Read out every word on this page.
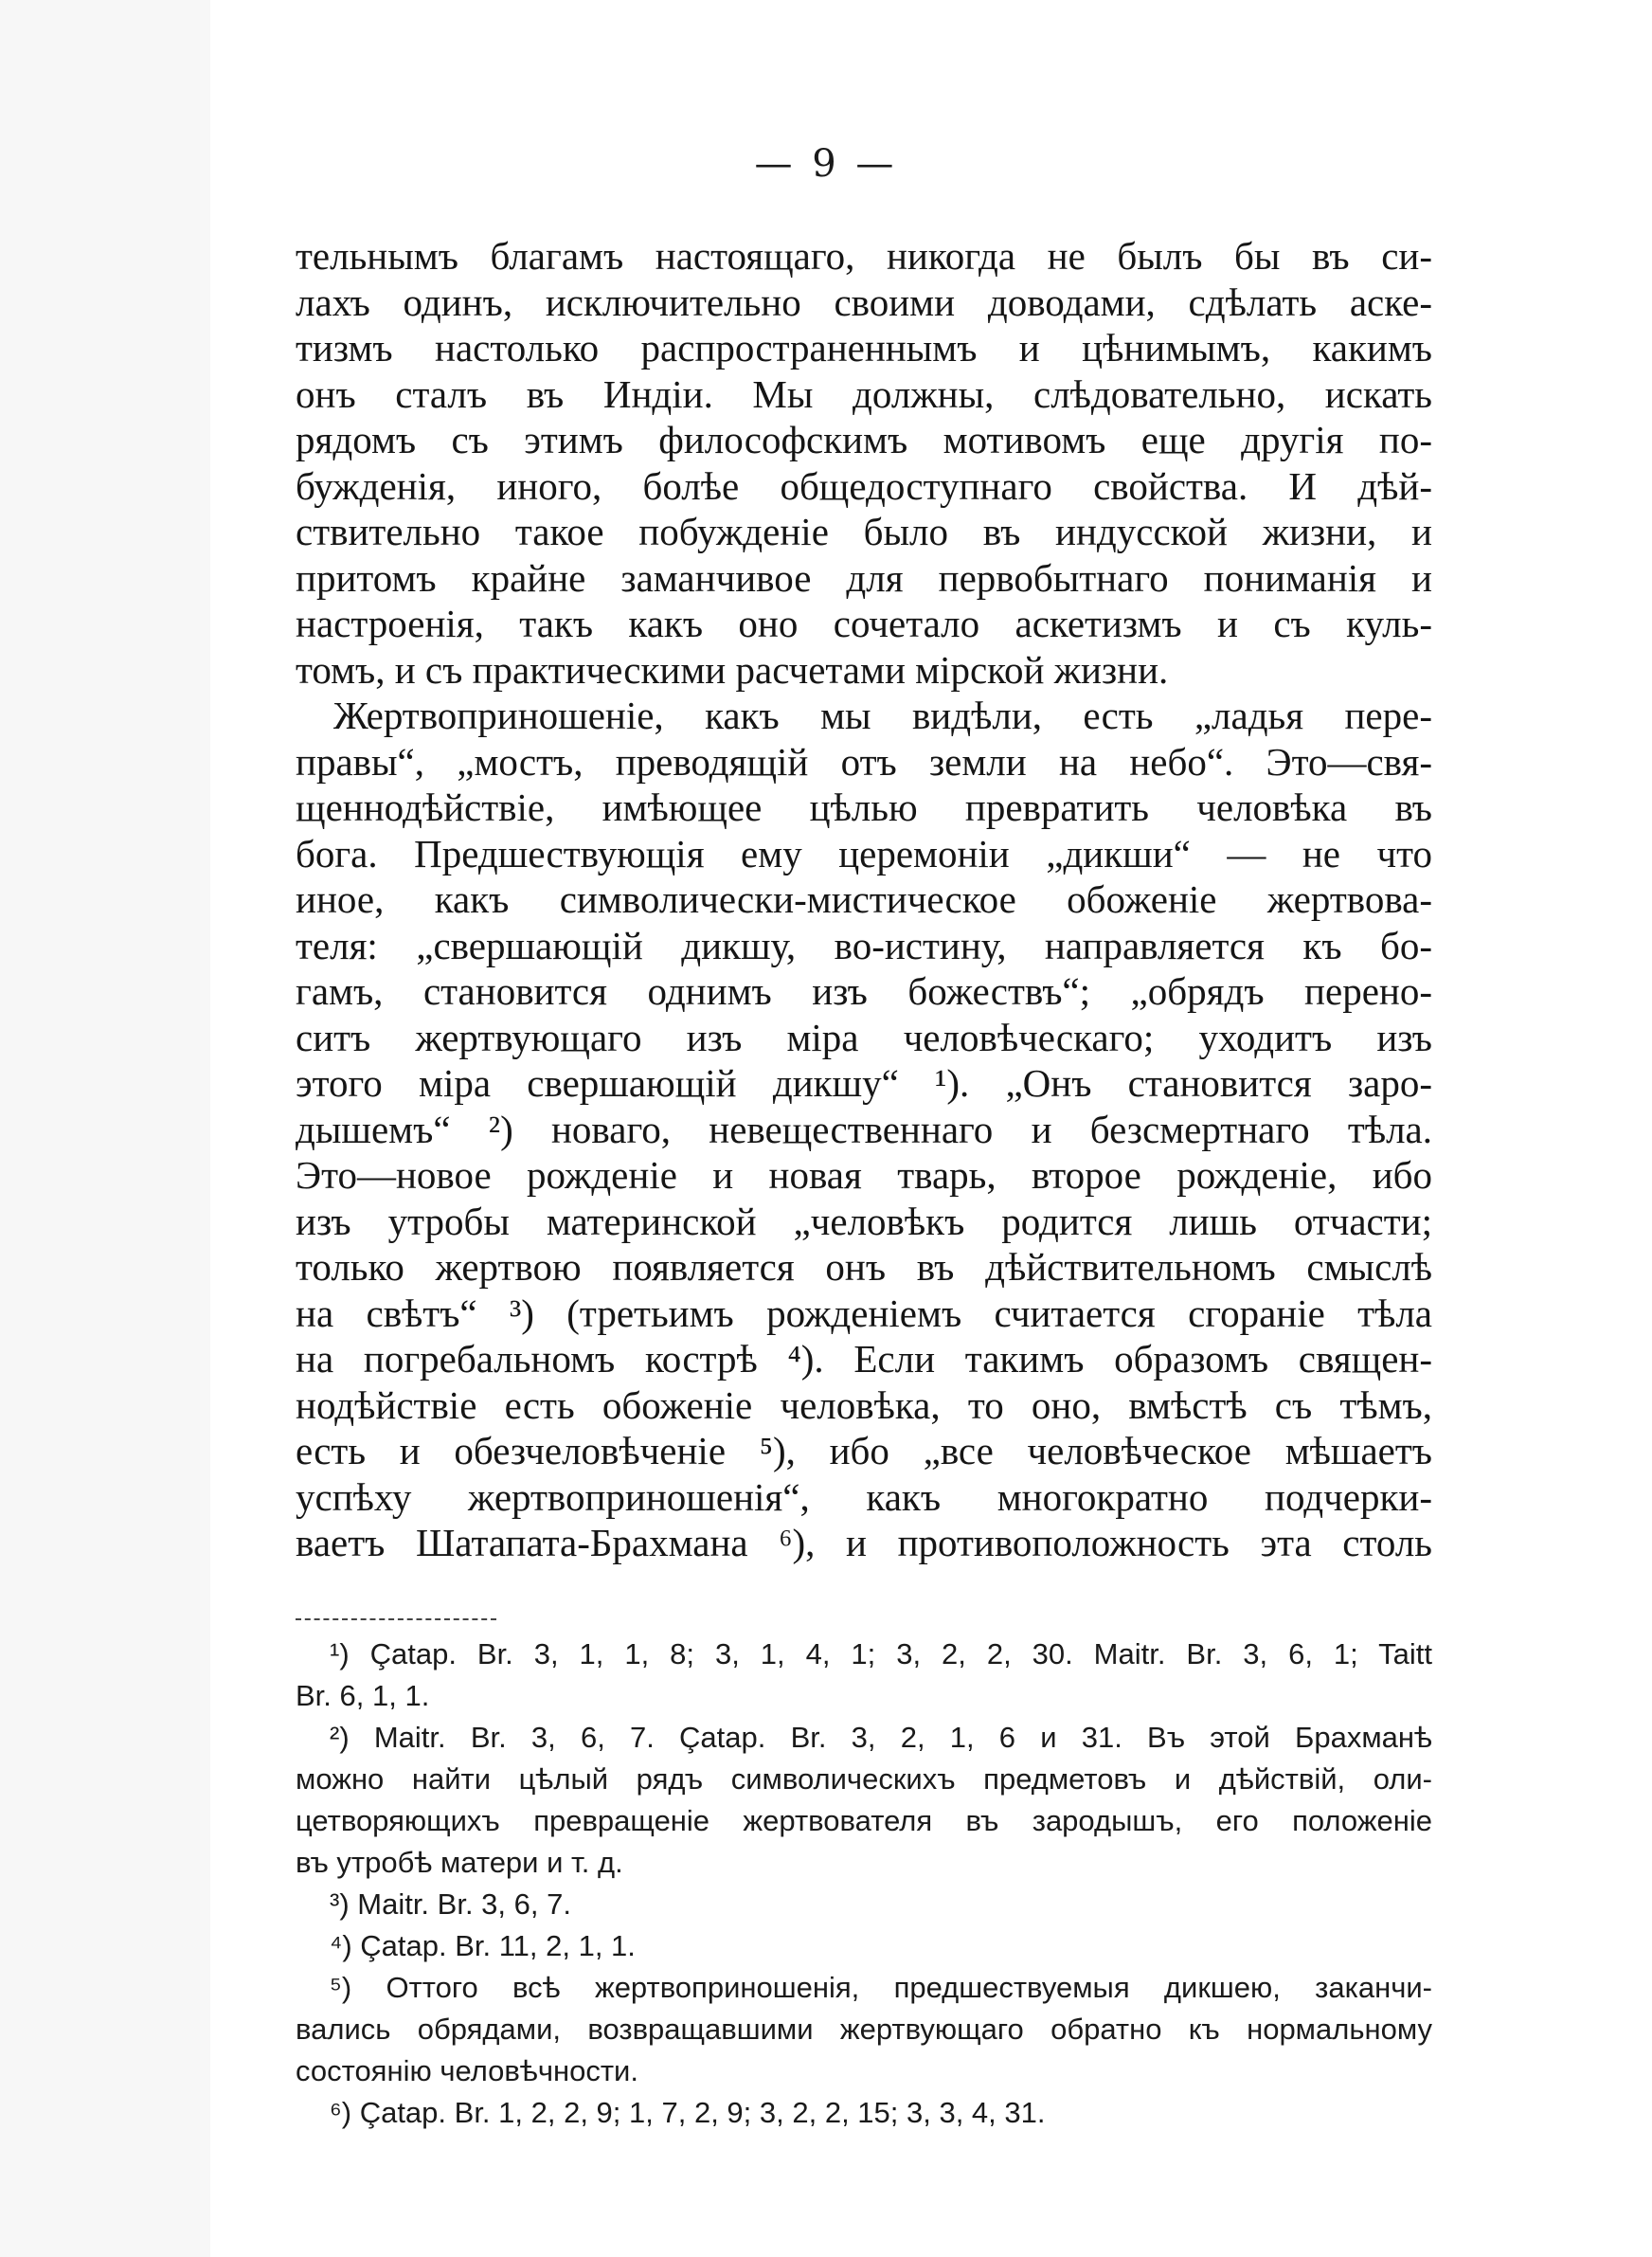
— 9 —
тельнымъ благамъ настоящаго, никогда не былъ бы въ си-
лахъ одинъ, исключительно своими доводами, сдѣлать аске-
тизмъ настолько распространеннымъ и цѣнимымъ, какимъ
онъ сталъ въ Индіи. Мы должны, слѣдовательно, искать
рядомъ съ этимъ философскимъ мотивомъ еще другія по-
бужденія, иного, болѣе общедоступнаго свойства. И дѣй-
ствительно такое побужденіе было въ индусской жизни, и
притомъ крайне заманчивое для первобытнаго пониманія и
настроенія, такъ какъ оно сочетало аскетизмъ и съ куль-
томъ, и съ практическими расчетами мірской жизни.
Жертвоприношеніе, какъ мы видѣли, есть „ладья пере-
правы“, „мостъ, преводящій отъ земли на небо“. Это—свя-
щеннодѣйствіе, имѣющее цѣлью превратить человѣка въ
бога. Предшествующія ему церемоніи „дикши“ — не что
иное, какъ символически-мистическое обоженіе жертвова-
теля: „свершающій дикшу, во-истину, направляется къ бо-
гамъ, становится однимъ изъ божествъ“; „обрядъ перено-
ситъ жертвующаго изъ міра человѣческаго; уходитъ изъ
этого міра свершающій дикшу“ ¹). „Онъ становится заро-
дышемъ“ ²) новаго, невещественнаго и безсмертнаго тѣла.
Это—новое рожденіе и новая тварь, второе рожденіе, ибо
изъ утробы материнской „человѣкъ родится лишь отчасти;
только жертвою появляется онъ въ дѣйствительномъ смыслѣ
на свѣтъ“ ³) (третьимъ рожденіемъ считается сгораніе тѣла
на погребальномъ кострѣ ⁴). Если такимъ образомъ священ-
нодѣйствіе есть обоженіе человѣка, то оно, вмѣстѣ съ тѣмъ,
есть и обезчеловѣченіе ⁵), ибо „все человѣческое мѣшаетъ
успѣху жертвоприношенія“, какъ многократно подчерки-
ваетъ Шатапата-Брахмана ⁶), и противоположность эта столь
¹) Çatap. Br. 3, 1, 1, 8; 3, 1, 4, 1; 3, 2, 2, 30. Maitr. Br. 3, 6, 1; Taitt
Br. 6, 1, 1.
²) Maitr. Br. 3, 6, 7. Çatap. Br. 3, 2, 1, 6 и 31. Въ этой Брахманѣ
можно найти цѣлый рядъ символическихъ предметовъ и дѣйствій, оли-
цетворяющихъ превращеніе жертвователя въ зародышъ, его положеніе
въ утробѣ матери и т. д.
³) Maitr. Br. 3, 6, 7.
⁴) Çatap. Br. 11, 2, 1, 1.
⁵) Оттого всѣ жертвоприношенія, предшествуемыя дикшею, заканчи-
вались обрядами, возвращавшими жертвующаго обратно къ нормальному
состоянію человѣчности.
⁶) Çatap. Br. 1, 2, 2, 9; 1, 7, 2, 9; 3, 2, 2, 15; 3, 3, 4, 31.
